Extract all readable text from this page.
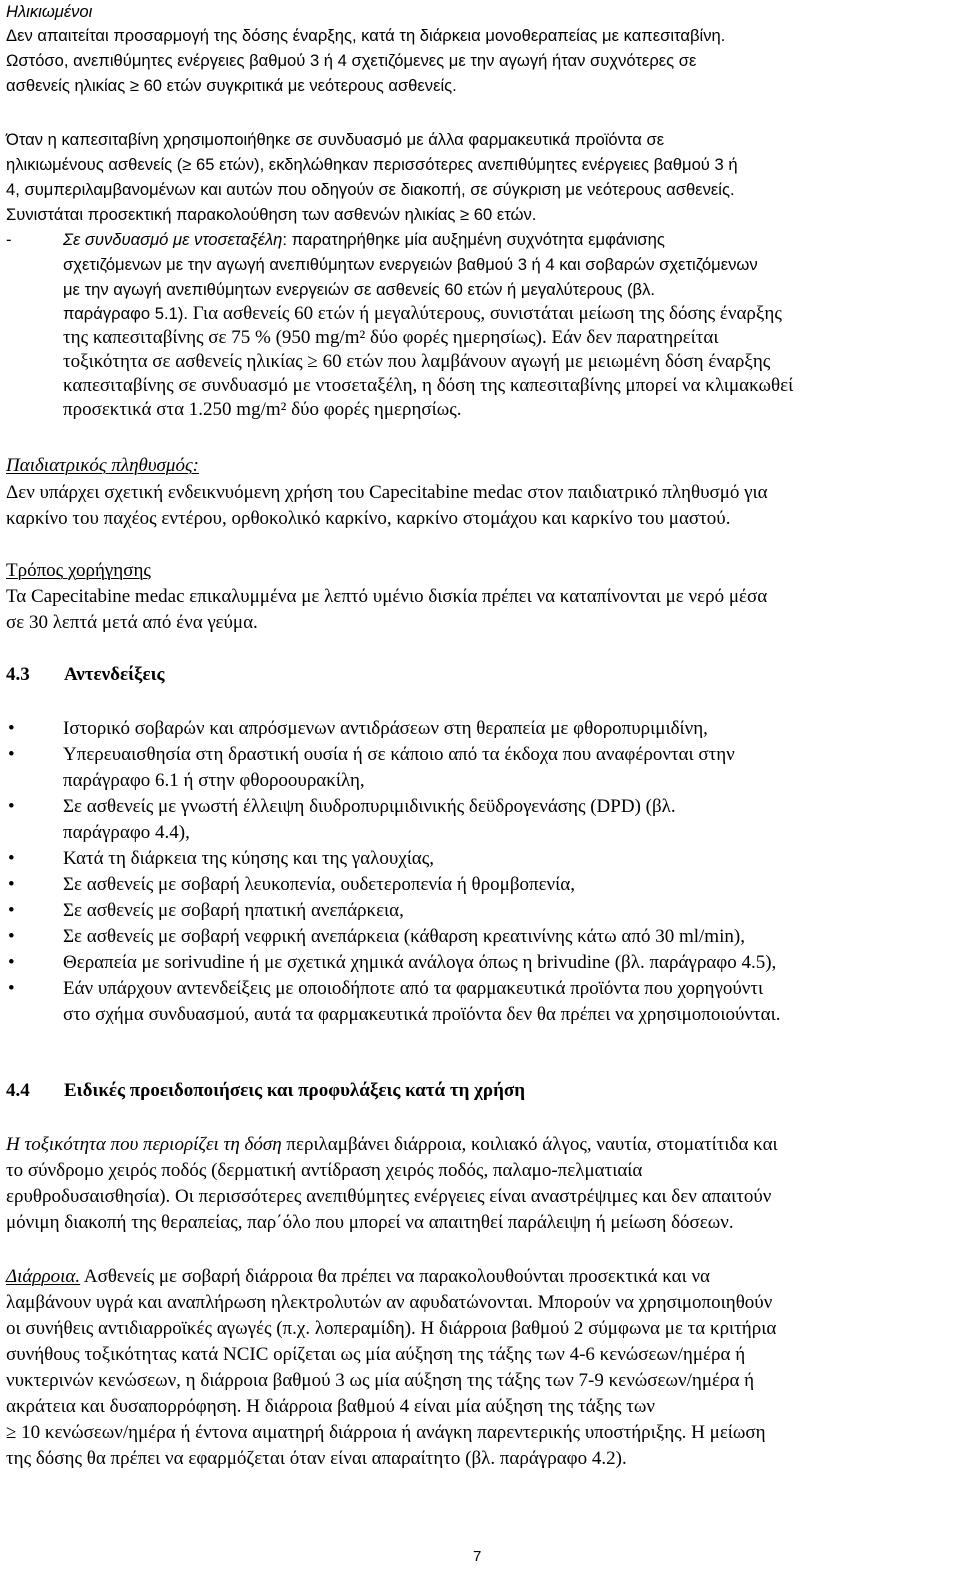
Ηλικιωμένοι
Δεν απαιτείται προσαρμογή της δόσης έναρξης, κατά τη διάρκεια μονοθεραπείας με καπεσιταβίνη.
Ωστόσο, ανεπιθύμητες ενέργειες βαθμού 3 ή 4 σχετιζόμενες με την αγωγή ήταν συχνότερες σε
ασθενείς ηλικίας ≥ 60 ετών συγκριτικά με νεότερους ασθενείς.
Όταν η καπεσιταβίνη χρησιμοποιήθηκε σε συνδυασμό με άλλα φαρμακευτικά προϊόντα σε
ηλικιωμένους ασθενείς (≥ 65 ετών), εκδηλώθηκαν περισσότερες ανεπιθύμητες ενέργειες βαθμού 3 ή
4, συμπεριλαμβανομένων και αυτών που οδηγούν σε διακοπή, σε σύγκριση με νεότερους ασθενείς.
Συνιστάται προσεκτική παρακολούθηση των ασθενών ηλικίας ≥ 60 ετών.
-	Σε συνδυασμό με ντοσεταξέλη: παρατηρήθηκε μία αυξημένη συχνότητα εμφάνισης
σχετιζόμενων με την αγωγή ανεπιθύμητων ενεργειών βαθμού 3 ή 4 και σοβαρών σχετιζόμενων
με την αγωγή ανεπιθύμητων ενεργειών σε ασθενείς 60 ετών ή μεγαλύτερους (βλ.
παράγραφο 5.1). Για ασθενείς 60 ετών ή μεγαλύτερους, συνιστάται μείωση της δόσης έναρξης
της καπεσιταβίνης σε 75 % (950 mg/m² δύο φορές ημερησίως). Εάν δεν παρατηρείται
τοξικότητα σε ασθενείς ηλικίας ≥ 60 ετών που λαμβάνουν αγωγή με μειωμένη δόση έναρξης
καπεσιταβίνης σε συνδυασμό με ντοσεταξέλη, η δόση της καπεσιταβίνης μπορεί να κλιμακωθεί
προσεκτικά στα 1.250 mg/m² δύο φορές ημερησίως.
Παιδιατρικός πληθυσμός:
Δεν υπάρχει σχετική ενδεικνυόμενη χρήση του Capecitabine medac στον παιδιατρικό πληθυσμό για
καρκίνο του παχέος εντέρου, ορθοκολικό καρκίνο, καρκίνο στομάχου και καρκίνο του μαστού.
Τρόπος χορήγησης
Τα Capecitabine medac επικαλυμμένα με λεπτό υμένιο δισκία πρέπει να καταπίνονται με νερό μέσα
σε 30 λεπτά μετά από ένα γεύμα.
4.3 Αντενδείξεις
•	Ιστορικό σοβαρών και απρόσμενων αντιδράσεων στη θεραπεία με φθοροπυριμιδίνη,
•	Υπερευαισθησία στη δραστική ουσία ή σε κάποιο από τα έκδοχα που αναφέρονται στην
παράγραφο 6.1 ή στην φθοροουρακίλη,
•	Σε ασθενείς με γνωστή έλλειψη διυδροπυριμιδινικής δεϋδρογενάσης (DPD) (βλ.
παράγραφο 4.4),
•	Κατά τη διάρκεια της κύησης και της γαλουχίας,
•	Σε ασθενείς με σοβαρή λευκοπενία, ουδετεροπενία ή θρομβοπενία,
•	Σε ασθενείς με σοβαρή ηπατική ανεπάρκεια,
•	Σε ασθενείς με σοβαρή νεφρική ανεπάρκεια (κάθαρση κρεατινίνης κάτω από 30 ml/min),
•	Θεραπεία με sorivudine ή με σχετικά χημικά ανάλογα όπως η brivudine (βλ. παράγραφο 4.5),
•	Εάν υπάρχουν αντενδείξεις με οποιοδήποτε από τα φαρμακευτικά προϊόντα που χορηγούντι
στο σχήμα συνδυασμού, αυτά τα φαρμακευτικά προϊόντα δεν θα πρέπει να χρησιμοποιούνται.
4.4 Ειδικές προειδοποιήσεις και προφυλάξεις κατά τη χρήση
Η τοξικότητα που περιορίζει τη δόση περιλαμβάνει διάρροια, κοιλιακό άλγος, ναυτία, στοματίτιδα και
το σύνδρομο χειρός ποδός (δερματική αντίδραση χειρός ποδός, παλαμο-πελματιαία
ερυθροδυσαισθησία). Οι περισσότερες ανεπιθύμητες ενέργειες είναι αναστρέψιμες και δεν απαιτούν
μόνιμη διακοπή της θεραπείας, παρ΄όλο που μπορεί να απαιτηθεί παράλειψη ή μείωση δόσεων.
Διάρροια. Ασθενείς με σοβαρή διάρροια θα πρέπει να παρακολουθούνται προσεκτικά και να
λαμβάνουν υγρά και αναπλήρωση ηλεκτρολυτών αν αφυδατώνονται. Μπορούν να χρησιμοποιηθούν
οι συνήθεις αντιδιαρροϊκές αγωγές (π.χ. λοπεραμίδη). Η διάρροια βαθμού 2 σύμφωνα με τα κριτήρια
συνήθους τοξικότητας κατά NCIC ορίζεται ως μία αύξηση της τάξης των 4-6 κενώσεων/ημέρα ή
νυκτερινών κενώσεων, η διάρροια βαθμού 3 ως μία αύξηση της τάξης των 7-9 κενώσεων/ημέρα ή
ακράτεια και δυσαπορρόφηση. Η διάρροια βαθμού 4 είναι μία αύξηση της τάξης των
≥ 10 κενώσεων/ημέρα ή έντονα αιματηρή διάρροια ή ανάγκη παρεντερικής υποστήριξης. Η μείωση
της δόσης θα πρέπει να εφαρμόζεται όταν είναι απαραίτητο (βλ. παράγραφο 4.2).
7
